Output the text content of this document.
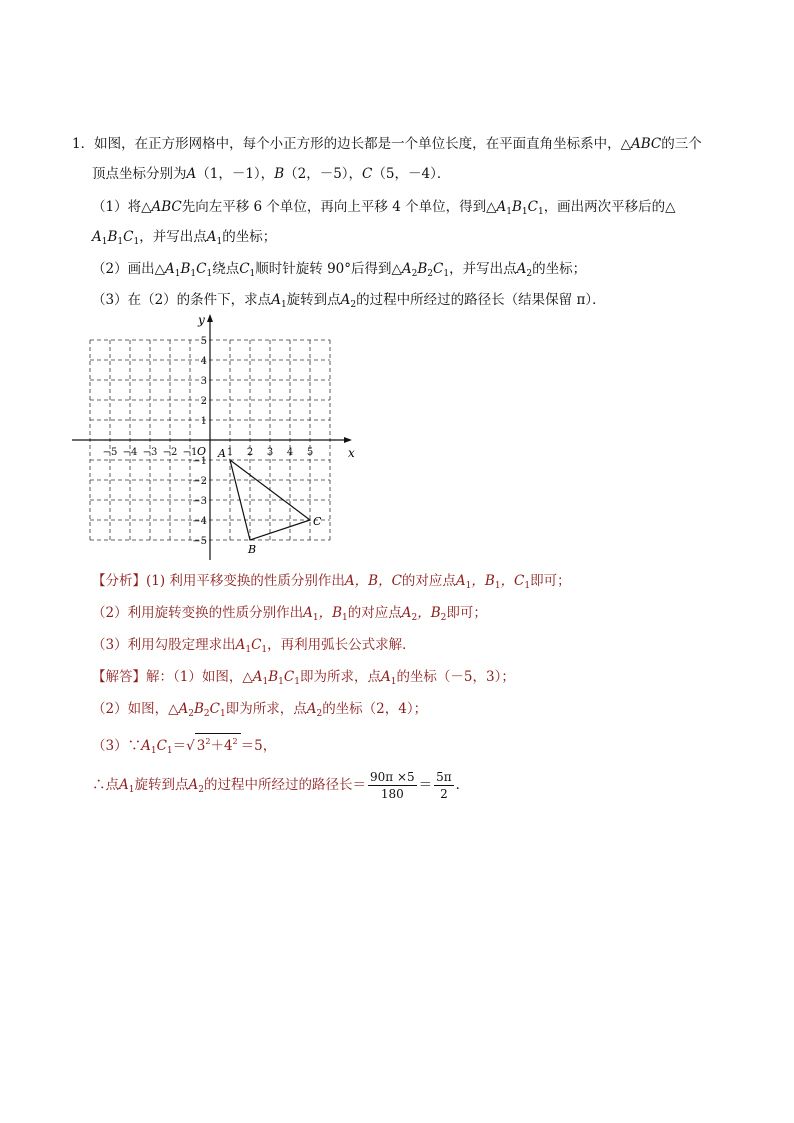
1．如图，在正方形网格中，每个小正方形的边长都是一个单位长度，在平面直角坐标系中，△ABC的三个
顶点坐标分别为A（1，－1），B（2，－5），C（5，－4）．
（1）将△ABC先向左平移 6 个单位，再向上平移 4 个单位，得到$\triangle A_1B_1C_1$，画出两次平移后的△
$A_1B_1C_1$，并写出点$A_1$的坐标；
（2）画出$\triangle A_1B_1C_1$绕点$C_1$顺时针旋转 90°后得到$\triangle A_2B_2C_1$，并写出点$A_2$的坐标；
（3）在（2）的条件下，求点$A_1$旋转到点$A_2$的过程中所经过的路径长（结果保留 π）．
−5 −4 −3 −2 −1	1 2 3 4 5
5
4
3
2
1
−1
−2
−3
−4
−5
x
y
O A
B
C
【分析】(1) 利用平移变换的性质分别作出A，B，C的对应点$A_1$，$B_1$，$C_1$即可；
（2）利用旋转变换的性质分别作出$A_1$，$B_1$的对应点$A_2$，$B_2$即可；
（3）利用勾股定理求出$A_1C_1$，再利用弧长公式求解．
【解答】解：（1）如图，$\triangle A_1B_1C_1$即为所求，点$A_1$的坐标（－5，3）；
（2）如图，$\triangle A_2B_2C_1$即为所求，点$A_2$的坐标（2，4）；
$(3)\because A_1C_1=√$ $3^2+4^2 =5$，
∴点$A_1$旋转到点$A_2$的过程中所经过的路径长＝ $\frac{90\pi \times 5}{180} = \frac{5\pi}{2}$ ．
